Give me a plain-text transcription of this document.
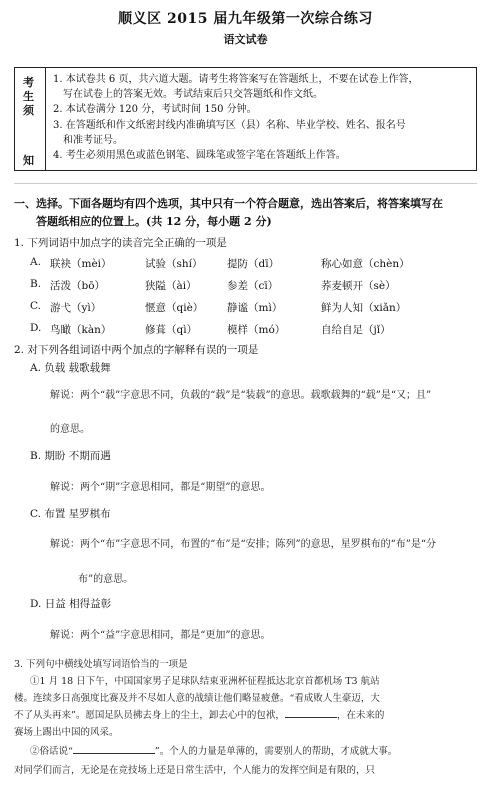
顺义区 2015 届九年级第一次综合练习
语文试卷
考
生
须
知
1. 本试卷共 6 页，共六道大题。请考生将答案写在答题纸上，不要在试卷上作答，
写在试卷上的答案无效。考试结束后只交答题纸和作文纸。
2. 本试卷满分 120 分，考试时间 150 分钟。
3. 在答题纸和作文纸密封线内准确填写区（县）名称、毕业学校、姓名、报名号
和准考证号。
4. 考生必须用黑色或蓝色钢笔、圆珠笔或签字笔在答题纸上作答。
一、选择。下面各题均有四个选项，其中只有一个符合题意，选出答案后，将答案填写在
答题纸相应的位置上。(共 12 分，每小题 2 分)
1. 下列词语中加点字的读音完全正确的一项是
A. 联袂（mèi）	试验（shí） 提防（dī）	称心如意（chèn）
B. 活泼（bō）	狭隘（ài）	参差（cī）	荞麦顿开（sè）
C. 游弋（yì）	惬意（qiè） 静谧（mì）	鲜为人知（xiǎn）
D. 鸟瞰（kàn）	修葺（qì）	模样（mó）	自给自足（jǐ）
2. 对下列各组词语中两个加点的字解释有误的一项是
A. 负载 载歌载舞
解说：两个“载”字意思不同，负载的“载”是“装载”的意思。载歌载舞的“载”是“又；且”
的意思。
B. 期盼 不期而遇
解说：两个“期”字意思相同，都是“期望”的意思。
C. 布置 星罗棋布
解说：两个“布”字意思不同，布置的“布”是“安排；陈列”的意思，星罗棋布的“布”是“分
布”的意思。
D. 日益 相得益彰
解说：两个“益”字意思相同，都是“更加”的意思。
3. 下列句中横线处填写词语恰当的一项是
①1 月 18 日下午，中国国家男子足球队结束亚洲杯征程抵达北京首都机场 T3 航站
楼。连续多日高强度比赛及并不尽如人意的战绩让他们略显疲惫。“看成败人生豪迈，大
不了从头再来”。愿国足队员拂去身上的尘土，卸去心中的包袱，	，在未来的
赛场上踢出中国的风采。
②俗话说“	”。个人的力量是单薄的，需要别人的帮助，才成就大事。
对同学们而言，无论是在竞技场上还是日常生活中，个人能力的发挥空间是有限的，只
